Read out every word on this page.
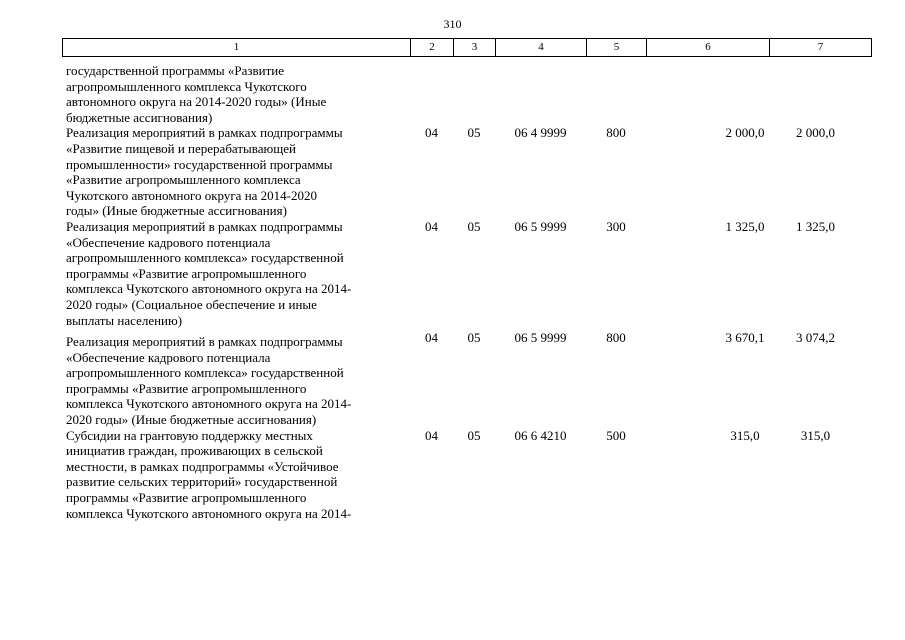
310
1	2	3	4	5	6	7
государственной программы «Развитие
агропромышленного комплекса Чукотского
автономного округа на 2014-2020 годы» (Иные
бюджетные ассигнования)
Реализация мероприятий в рамках подпрограммы
«Развитие пищевой и перерабатывающей
промышленности» государственной программы
«Развитие агропромышленного комплекса
Чукотского автономного округа на 2014-2020
годы» (Иные бюджетные ассигнования)
04	05	06 4 9999	800	2 000,0	2 000,0
Реализация мероприятий в рамках подпрограммы
«Обеспечение кадрового потенциала
агропромышленного комплекса» государственной
программы «Развитие агропромышленного
комплекса Чукотского автономного округа на 2014-
2020 годы» (Социальное обеспечение и иные
выплаты населению)
04	05	06 5 9999	300	1 325,0	1 325,0
Реализация мероприятий в рамках подпрограммы
«Обеспечение кадрового потенциала
агропромышленного комплекса» государственной
программы «Развитие агропромышленного
комплекса Чукотского автономного округа на 2014-
2020 годы» (Иные бюджетные ассигнования)
04	05	06 5 9999	800	3 670,1	3 074,2
Субсидии на грантовую поддержку местных
инициатив граждан, проживающих в сельской
местности, в рамках подпрограммы «Устойчивое
развитие сельских территорий» государственной
программы «Развитие агропромышленного
комплекса Чукотского автономного округа на 2014-
04	05	06 6 4210	500	315,0	315,0
